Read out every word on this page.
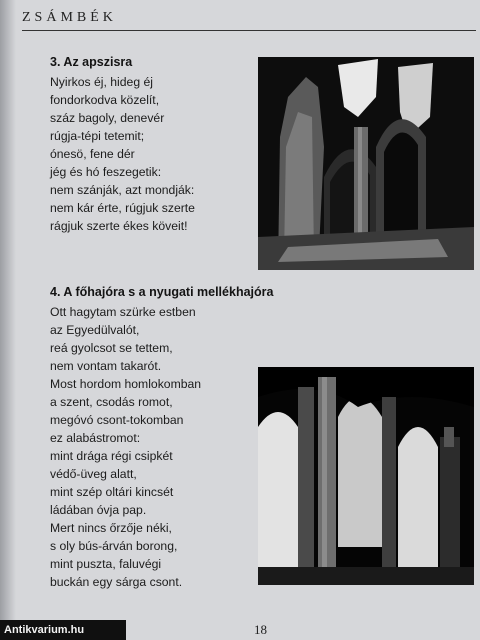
ZSÁMBÉK
3. Az apszisra
Nyirkos éj, hideg éj
fondorkodva közelít,
száz bagoly, denevér
rúgja-tépi tetemit;
ónesö, fene dér
jég és hó feszegetik:
nem szánják, azt mondják:
nem kár érte, rúgjuk szerte
rágjuk szerte ékes köveit!
4. A főhajóra s a nyugati mellékhajóra
Ott hagytam szürke estben
az Egyedülvalót,
reá gyolcsot se tettem,
nem vontam takarót.
Most hordom homlokomban
a szent, csodás romot,
megóvó csont-tokomban
ez alabástromot:
mint drága régi csipkét
védő-üveg alatt,
mint szép oltári kincsét
ládában óvja pap.
Mert nincs őrzője néki,
s oly bús-árván borong,
mint puszta, faluvégi
buckán egy sárga csont.
18
Antikvarium.hu
